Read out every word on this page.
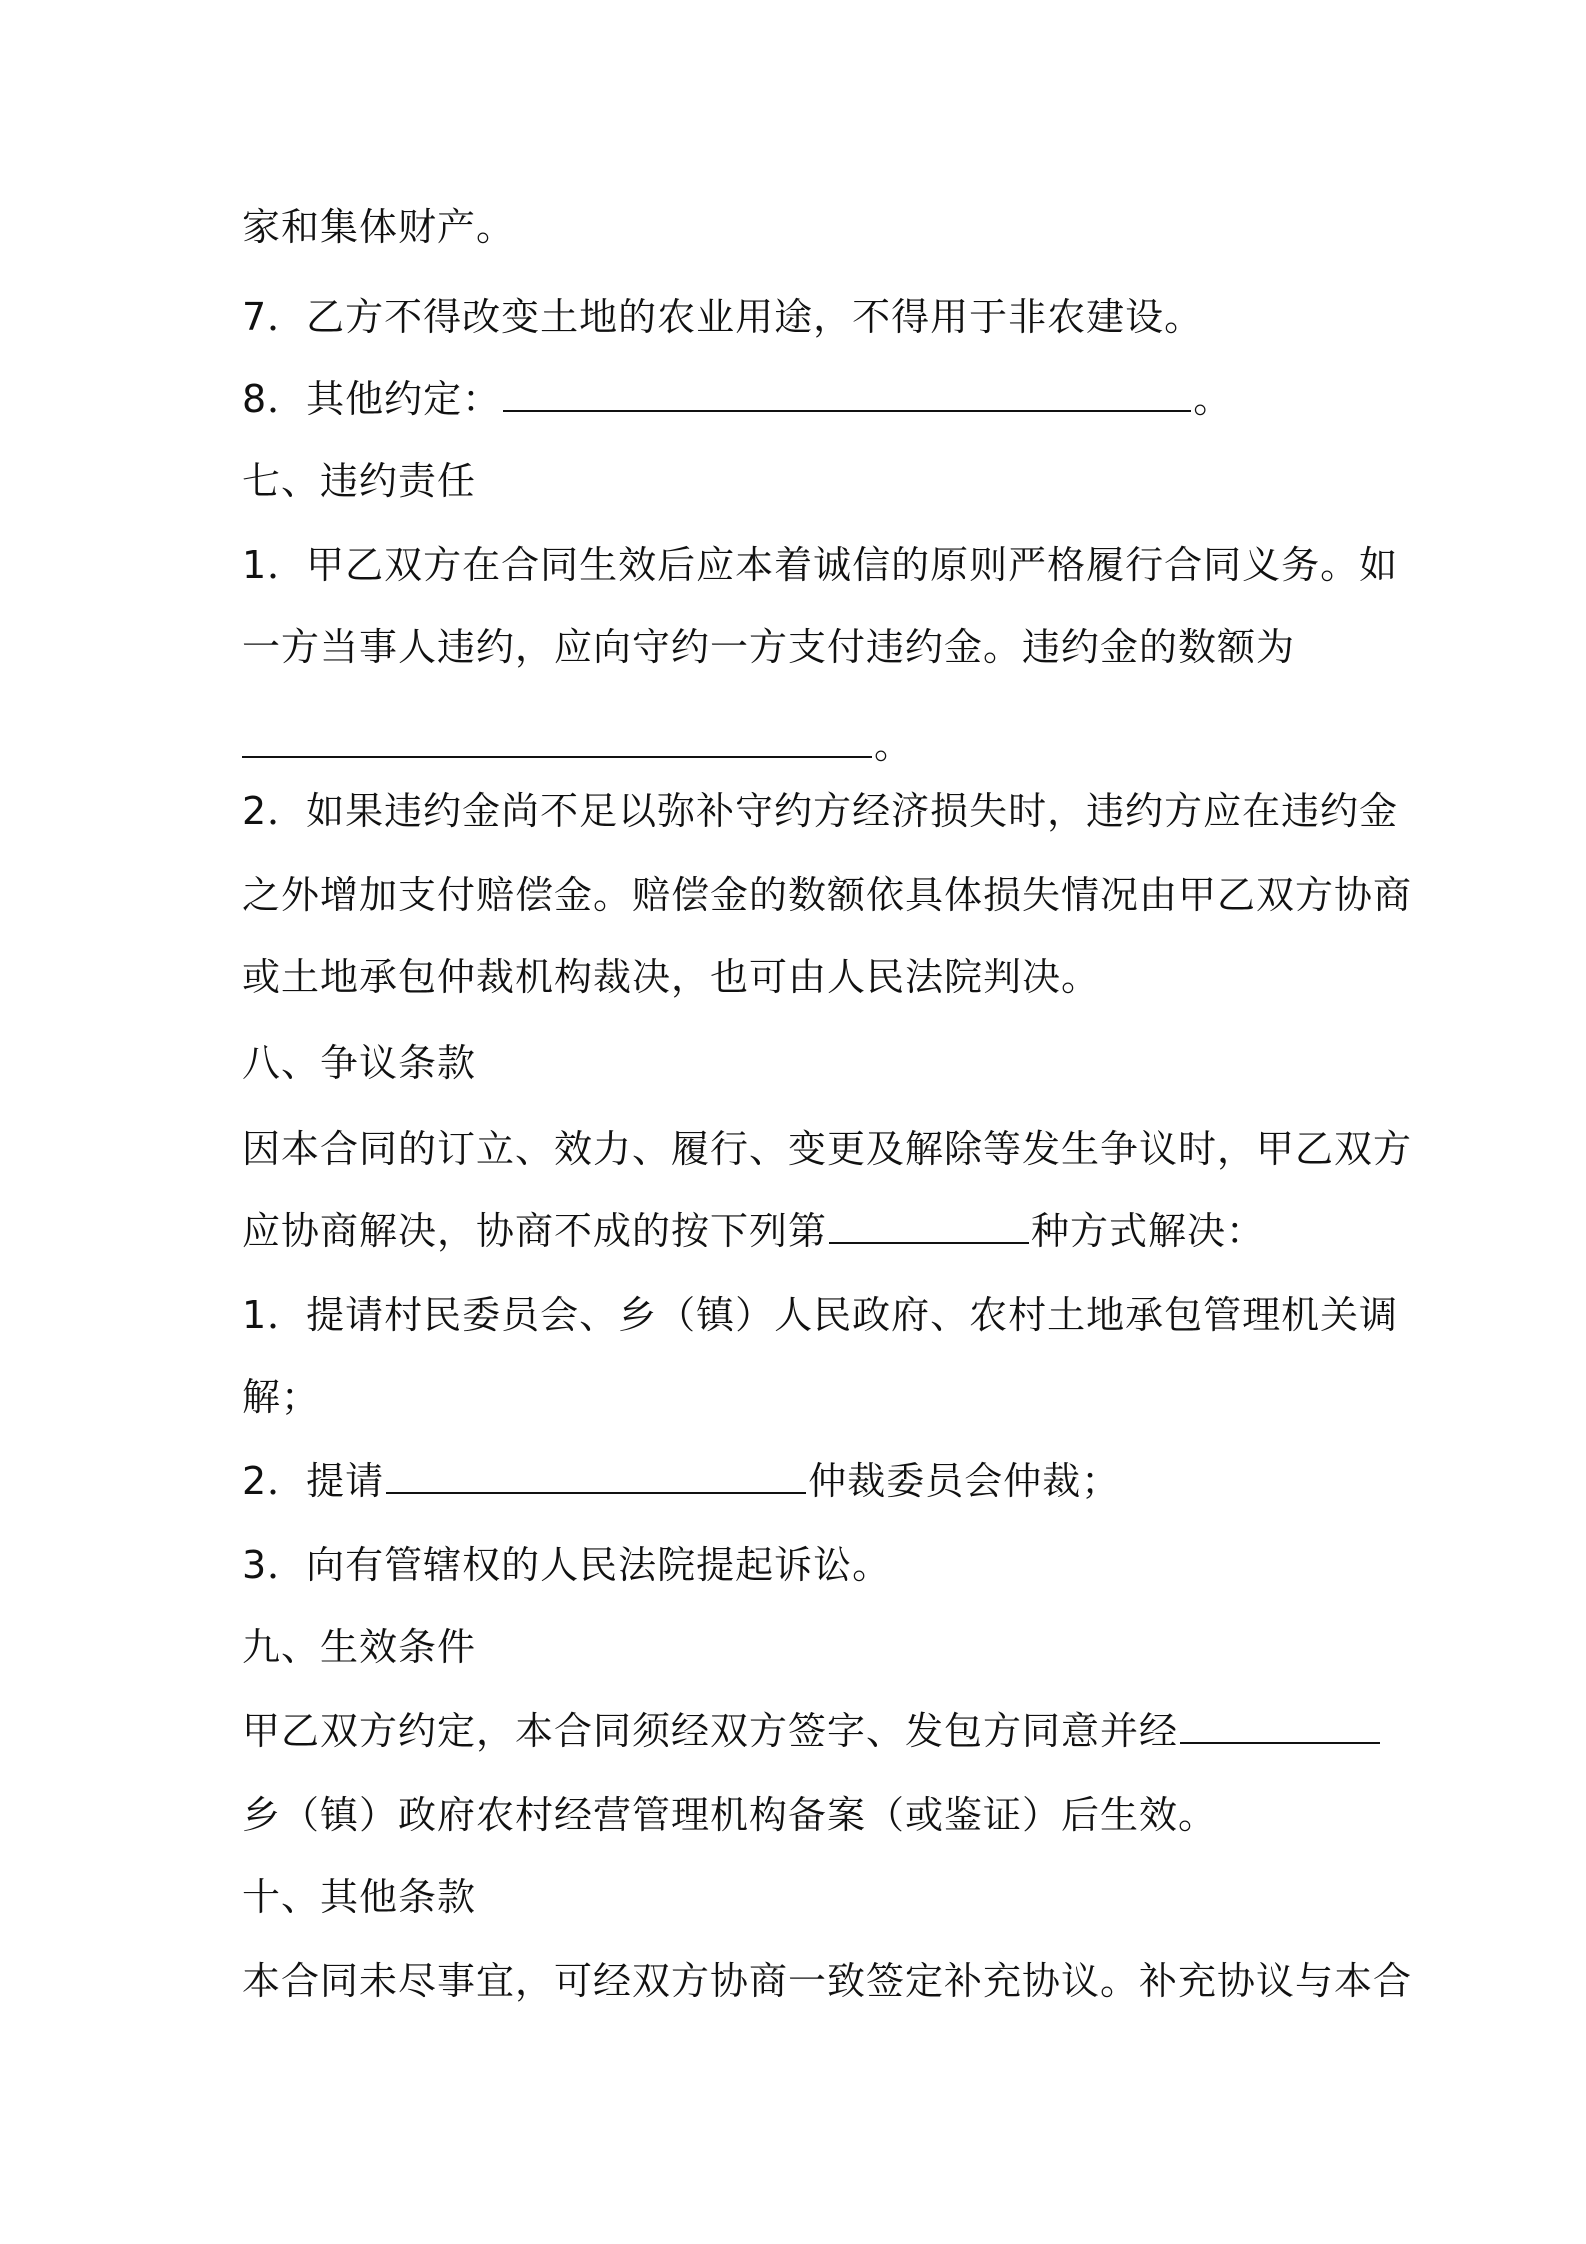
家和集体财产。
7．乙方不得改变土地的农业用途，不得用于非农建设。
8．其他约定：	。
七、违约责任
1．甲乙双方在合同生效后应本着诚信的原则严格履行合同义务。如
一方当事人违约，应向守约一方支付违约金。违约金的数额为
。
2．如果违约金尚不足以弥补守约方经济损失时，违约方应在违约金
之外增加支付赔偿金。赔偿金的数额依具体损失情况由甲乙双方协商
或土地承包仲裁机构裁决，也可由人民法院判决。
八、争议条款
因本合同的订立、效力、履行、变更及解除等发生争议时，甲乙双方
应协商解决，协商不成的按下列第	种方式解决：
1．提请村民委员会、乡（镇）人民政府、农村土地承包管理机关调
解；
2．提请	仲裁委员会仲裁；
3．向有管辖权的人民法院提起诉讼。
九、生效条件
甲乙双方约定，本合同须经双方签字、发包方同意并经
乡（镇）政府农村经营管理机构备案（或鉴证）后生效。
十、其他条款
本合同未尽事宜，可经双方协商一致签定补充协议。补充协议与本合
